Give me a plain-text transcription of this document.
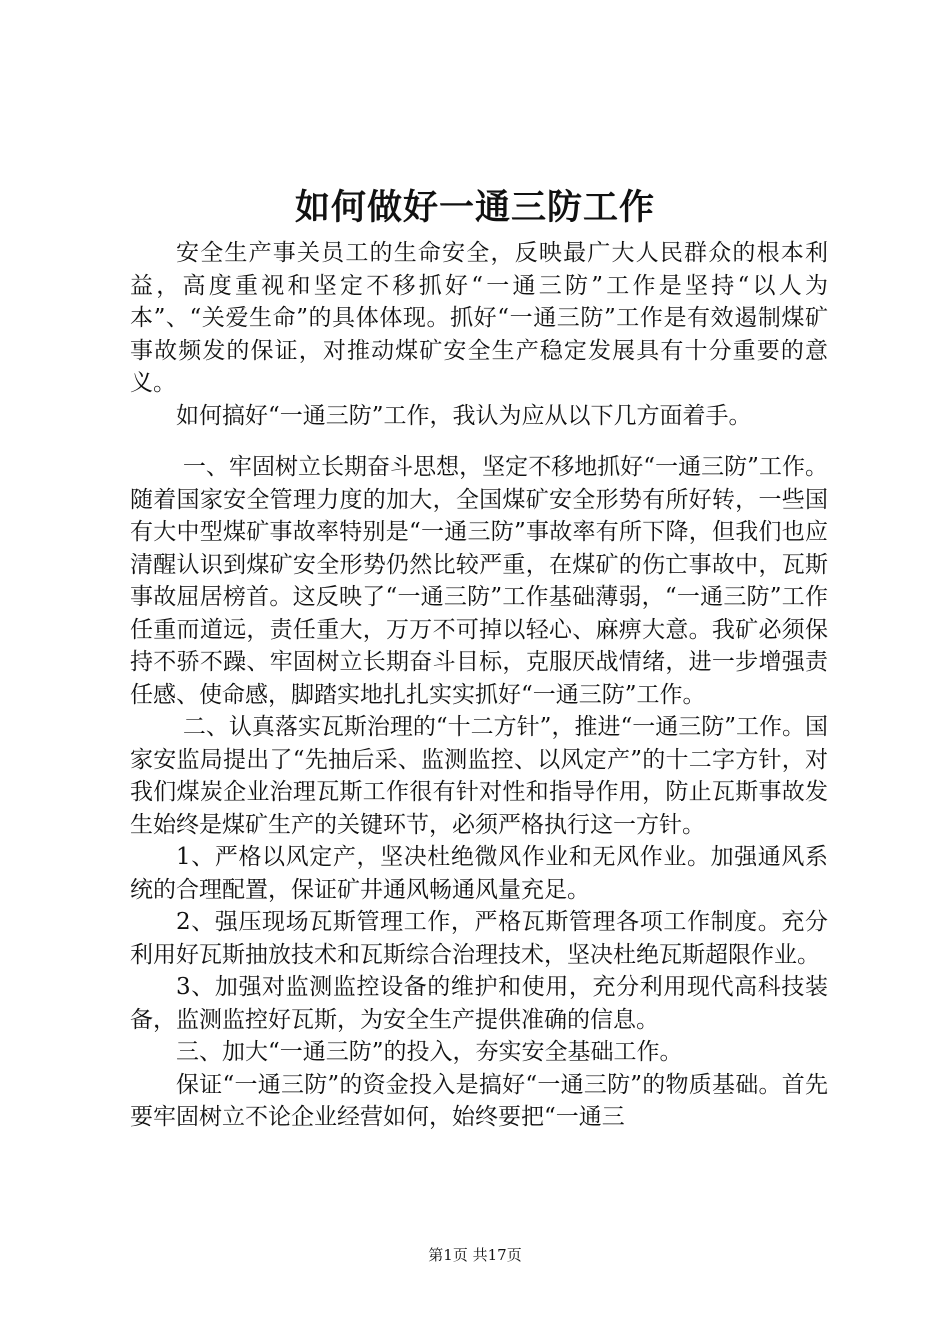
如何做好一通三防工作

安全生产事关员工的生命安全，反映最广大人民群众的根本利益，高度重视和坚定不移抓好“一通三防”工作是坚持“以人为本”、“关爱生命”的具体体现。抓好“一通三防”工作是有效遏制煤矿事故频发的保证，对推动煤矿安全生产稳定发展具有十分重要的意义。

如何搞好“一通三防”工作，我认为应从以下几方面着手。

一、牢固树立长期奋斗思想，坚定不移地抓好“一通三防”工作。随着国家安全管理力度的加大，全国煤矿安全形势有所好转，一些国有大中型煤矿事故率特别是“一通三防”事故率有所下降，但我们也应清醒认识到煤矿安全形势仍然比较严重，在煤矿的伤亡事故中，瓦斯事故屈居榜首。这反映了“一通三防”工作基础薄弱，“一通三防”工作任重而道远，责任重大，万万不可掉以轻心、麻痹大意。我矿必须保持不骄不躁、牢固树立长期奋斗目标，克服厌战情绪，进一步增强责任感、使命感，脚踏实地扎扎实实抓好“一通三防”工作。

二、认真落实瓦斯治理的“十二方针”，推进“一通三防”工作。国家安监局提出了“先抽后采、监测监控、以风定产”的十二字方针，对我们煤炭企业治理瓦斯工作很有针对性和指导作用，防止瓦斯事故发生始终是煤矿生产的关键环节，必须严格执行这一方针。

1、严格以风定产，坚决杜绝微风作业和无风作业。加强通风系统的合理配置，保证矿井通风畅通风量充足。

2、强压现场瓦斯管理工作，严格瓦斯管理各项工作制度。充分利用好瓦斯抽放技术和瓦斯综合治理技术，坚决杜绝瓦斯超限作业。

3、加强对监测监控设备的维护和使用，充分利用现代高科技装备，监测监控好瓦斯，为安全生产提供准确的信息。

三、加大“一通三防”的投入，夯实安全基础工作。

保证“一通三防”的资金投入是搞好“一通三防”的物质基础。首先要牢固树立不论企业经营如何，始终要把“一通三

第1页 共17页
